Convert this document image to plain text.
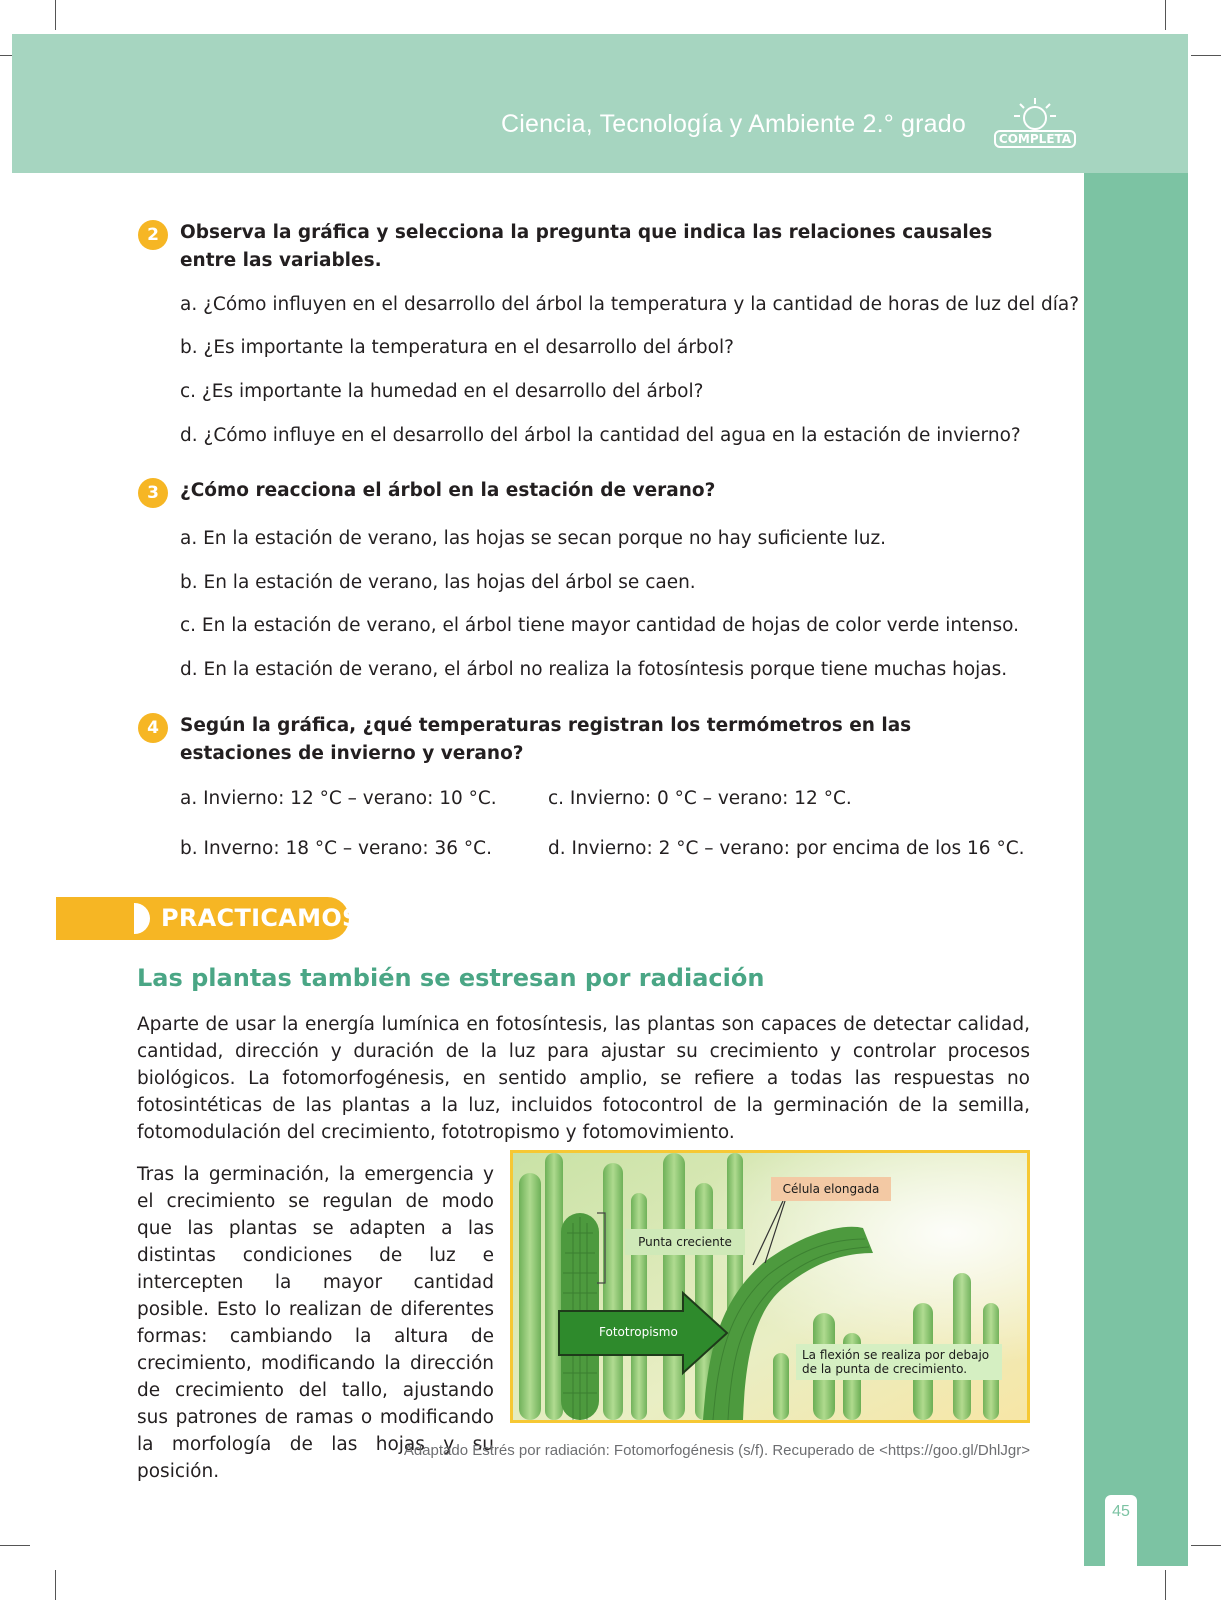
Ciencia, Tecnología y Ambiente 2.° grado
COMPLETA
45
2	Observa la gráfica y selecciona la pregunta que indica las relaciones causales entre las variables.
a. ¿Cómo influyen en el desarrollo del árbol la temperatura y la cantidad de horas de luz del día?
b. ¿Es importante la temperatura en el desarrollo del árbol?
c. ¿Es importante la humedad en el desarrollo del árbol?
d. ¿Cómo influye en el desarrollo del árbol la cantidad del agua en la estación de invierno?
3	¿Cómo reacciona el árbol en la estación de verano?
a. En la estación de verano, las hojas se secan porque no hay suficiente luz.
b. En la estación de verano, las hojas del árbol se caen.
c. En la estación de verano, el árbol tiene mayor cantidad de hojas de color verde intenso.
d. En la estación de verano, el árbol no realiza la fotosíntesis porque tiene muchas hojas.
4	Según la gráfica, ¿qué temperaturas registran los termómetros en las estaciones de invierno y verano?
a. Invierno: 12 °C – verano: 10 °C.	c. Invierno: 0 °C – verano: 12 °C.
b. Inverno: 18 °C – verano: 36 °C.	d. Invierno: 2 °C – verano: por encima de los 16 °C.
PRACTICAMOS
Las plantas también se estresan por radiación
Aparte de usar la energía lumínica en fotosíntesis, las plantas son capaces de detectar calidad, cantidad, dirección y duración de la luz para ajustar su crecimiento y controlar procesos biológicos. La fotomorfogénesis, en sentido amplio, se refiere a todas las respuestas no fotosintéticas de las plantas a la luz, incluidos fotocontrol de la germinación de la semilla, fotomodulación del crecimiento, fototropismo y fotomovimiento.
Tras la germinación, la emergencia y el crecimiento se regulan de modo que las plantas se adapten a las distintas condiciones de luz e intercepten la mayor cantidad posible. Esto lo realizan de diferentes formas: cambiando la altura de crecimiento, modificando la dirección de crecimiento del tallo, ajustando sus patrones de ramas o modificando la morfología de las hojas y su posición.
Célula elongada
Punta creciente
Fototropismo
La flexión se realiza por debajo de la punta de crecimiento.
Adaptado Estrés por radiación: Fotomorfogénesis (s/f). Recuperado de <https://goo.gl/DhlJgr>
